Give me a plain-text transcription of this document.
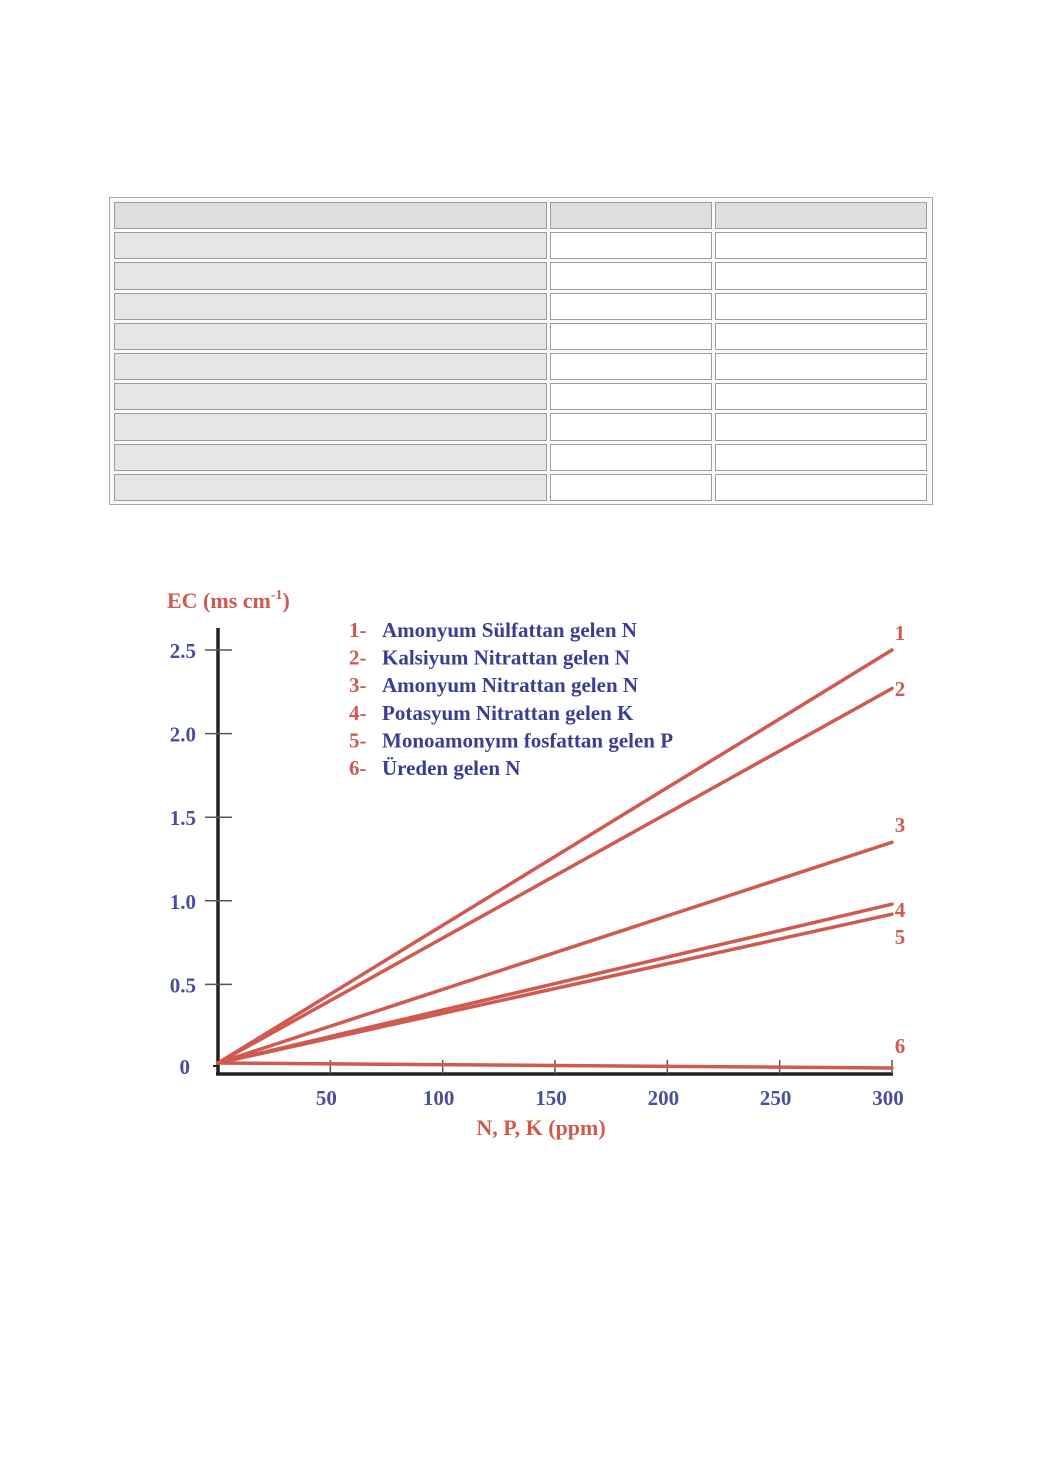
EC (ms $cm^{-1}$)
N, P, K (ppm)
1- Amonyum Sülfattan gelen N
2- Kalsiyum Nitrattan gelen N
3- Amonyum Nitrattan gelen N
4- Potasyum Nitrattan gelen K
5- Monoamonyım fosfattan gelen P
6- Üreden gelen N
0
0.5
1.0
1.5
2.0
2.5
50	100	150	200	250	300
1
2
3
4
5
6
